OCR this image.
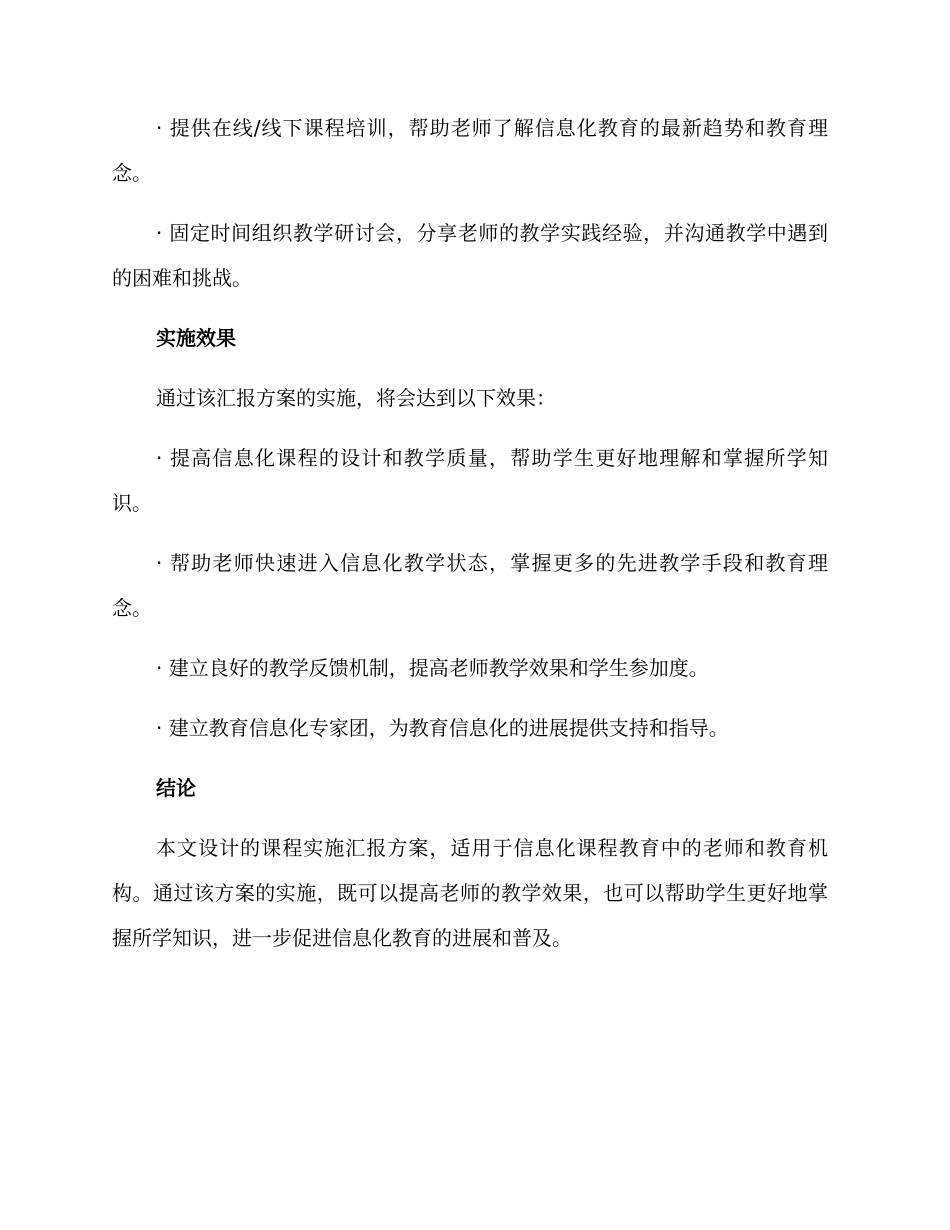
· 提供在线/线下课程培训，帮助老师了解信息化教育的最新趋势和教育理念。

· 固定时间组织教学研讨会，分享老师的教学实践经验，并沟通教学中遇到的困难和挑战。

实施效果

通过该汇报方案的实施，将会达到以下效果：

· 提高信息化课程的设计和教学质量，帮助学生更好地理解和掌握所学知识。

· 帮助老师快速进入信息化教学状态，掌握更多的先进教学手段和教育理念。

· 建立良好的教学反馈机制，提高老师教学效果和学生参加度。

· 建立教育信息化专家团，为教育信息化的进展提供支持和指导。

结论

本文设计的课程实施汇报方案，适用于信息化课程教育中的老师和教育机构。通过该方案的实施，既可以提高老师的教学效果，也可以帮助学生更好地掌握所学知识，进一步促进信息化教育的进展和普及。
